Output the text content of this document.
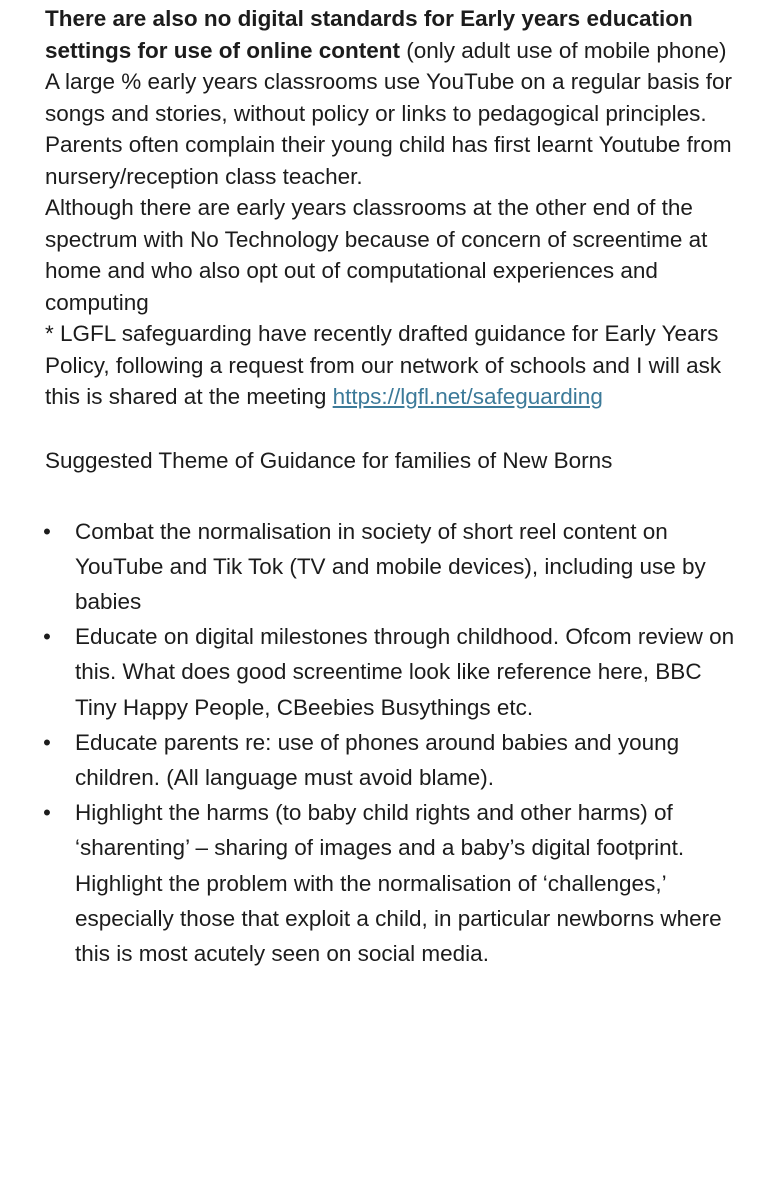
There are also no digital standards for Early years education settings for use of online content (only adult use of mobile phone)

A large % early years classrooms use YouTube on a regular basis for songs and stories, without policy or links to pedagogical principles.

Parents often complain their young child has first learnt Youtube from nursery/reception class teacher.

Although there are early years classrooms at the other end of the spectrum with No Technology because of concern of screentime at home and who also opt out of computational experiences and computing

* LGFL safeguarding have recently drafted guidance for Early Years Policy, following a request from our network of schools and I will ask this is shared at the meeting https://lgfl.net/safeguarding

Suggested Theme of Guidance for families of New Borns

• Combat the normalisation in society of short reel content on YouTube and Tik Tok (TV and mobile devices), including use by babies
• Educate on digital milestones through childhood. Ofcom review on this. What does good screentime look like reference here, BBC Tiny Happy People, CBeebies Busythings etc.
• Educate parents re: use of phones around babies and young children. (All language must avoid blame).
• Highlight the harms (to baby child rights and other harms) of ‘sharenting’ – sharing of images and a baby’s digital footprint.
Highlight the problem with the normalisation of ‘challenges,’ especially those that exploit a child, in particular newborns where this is most acutely seen on social media.
